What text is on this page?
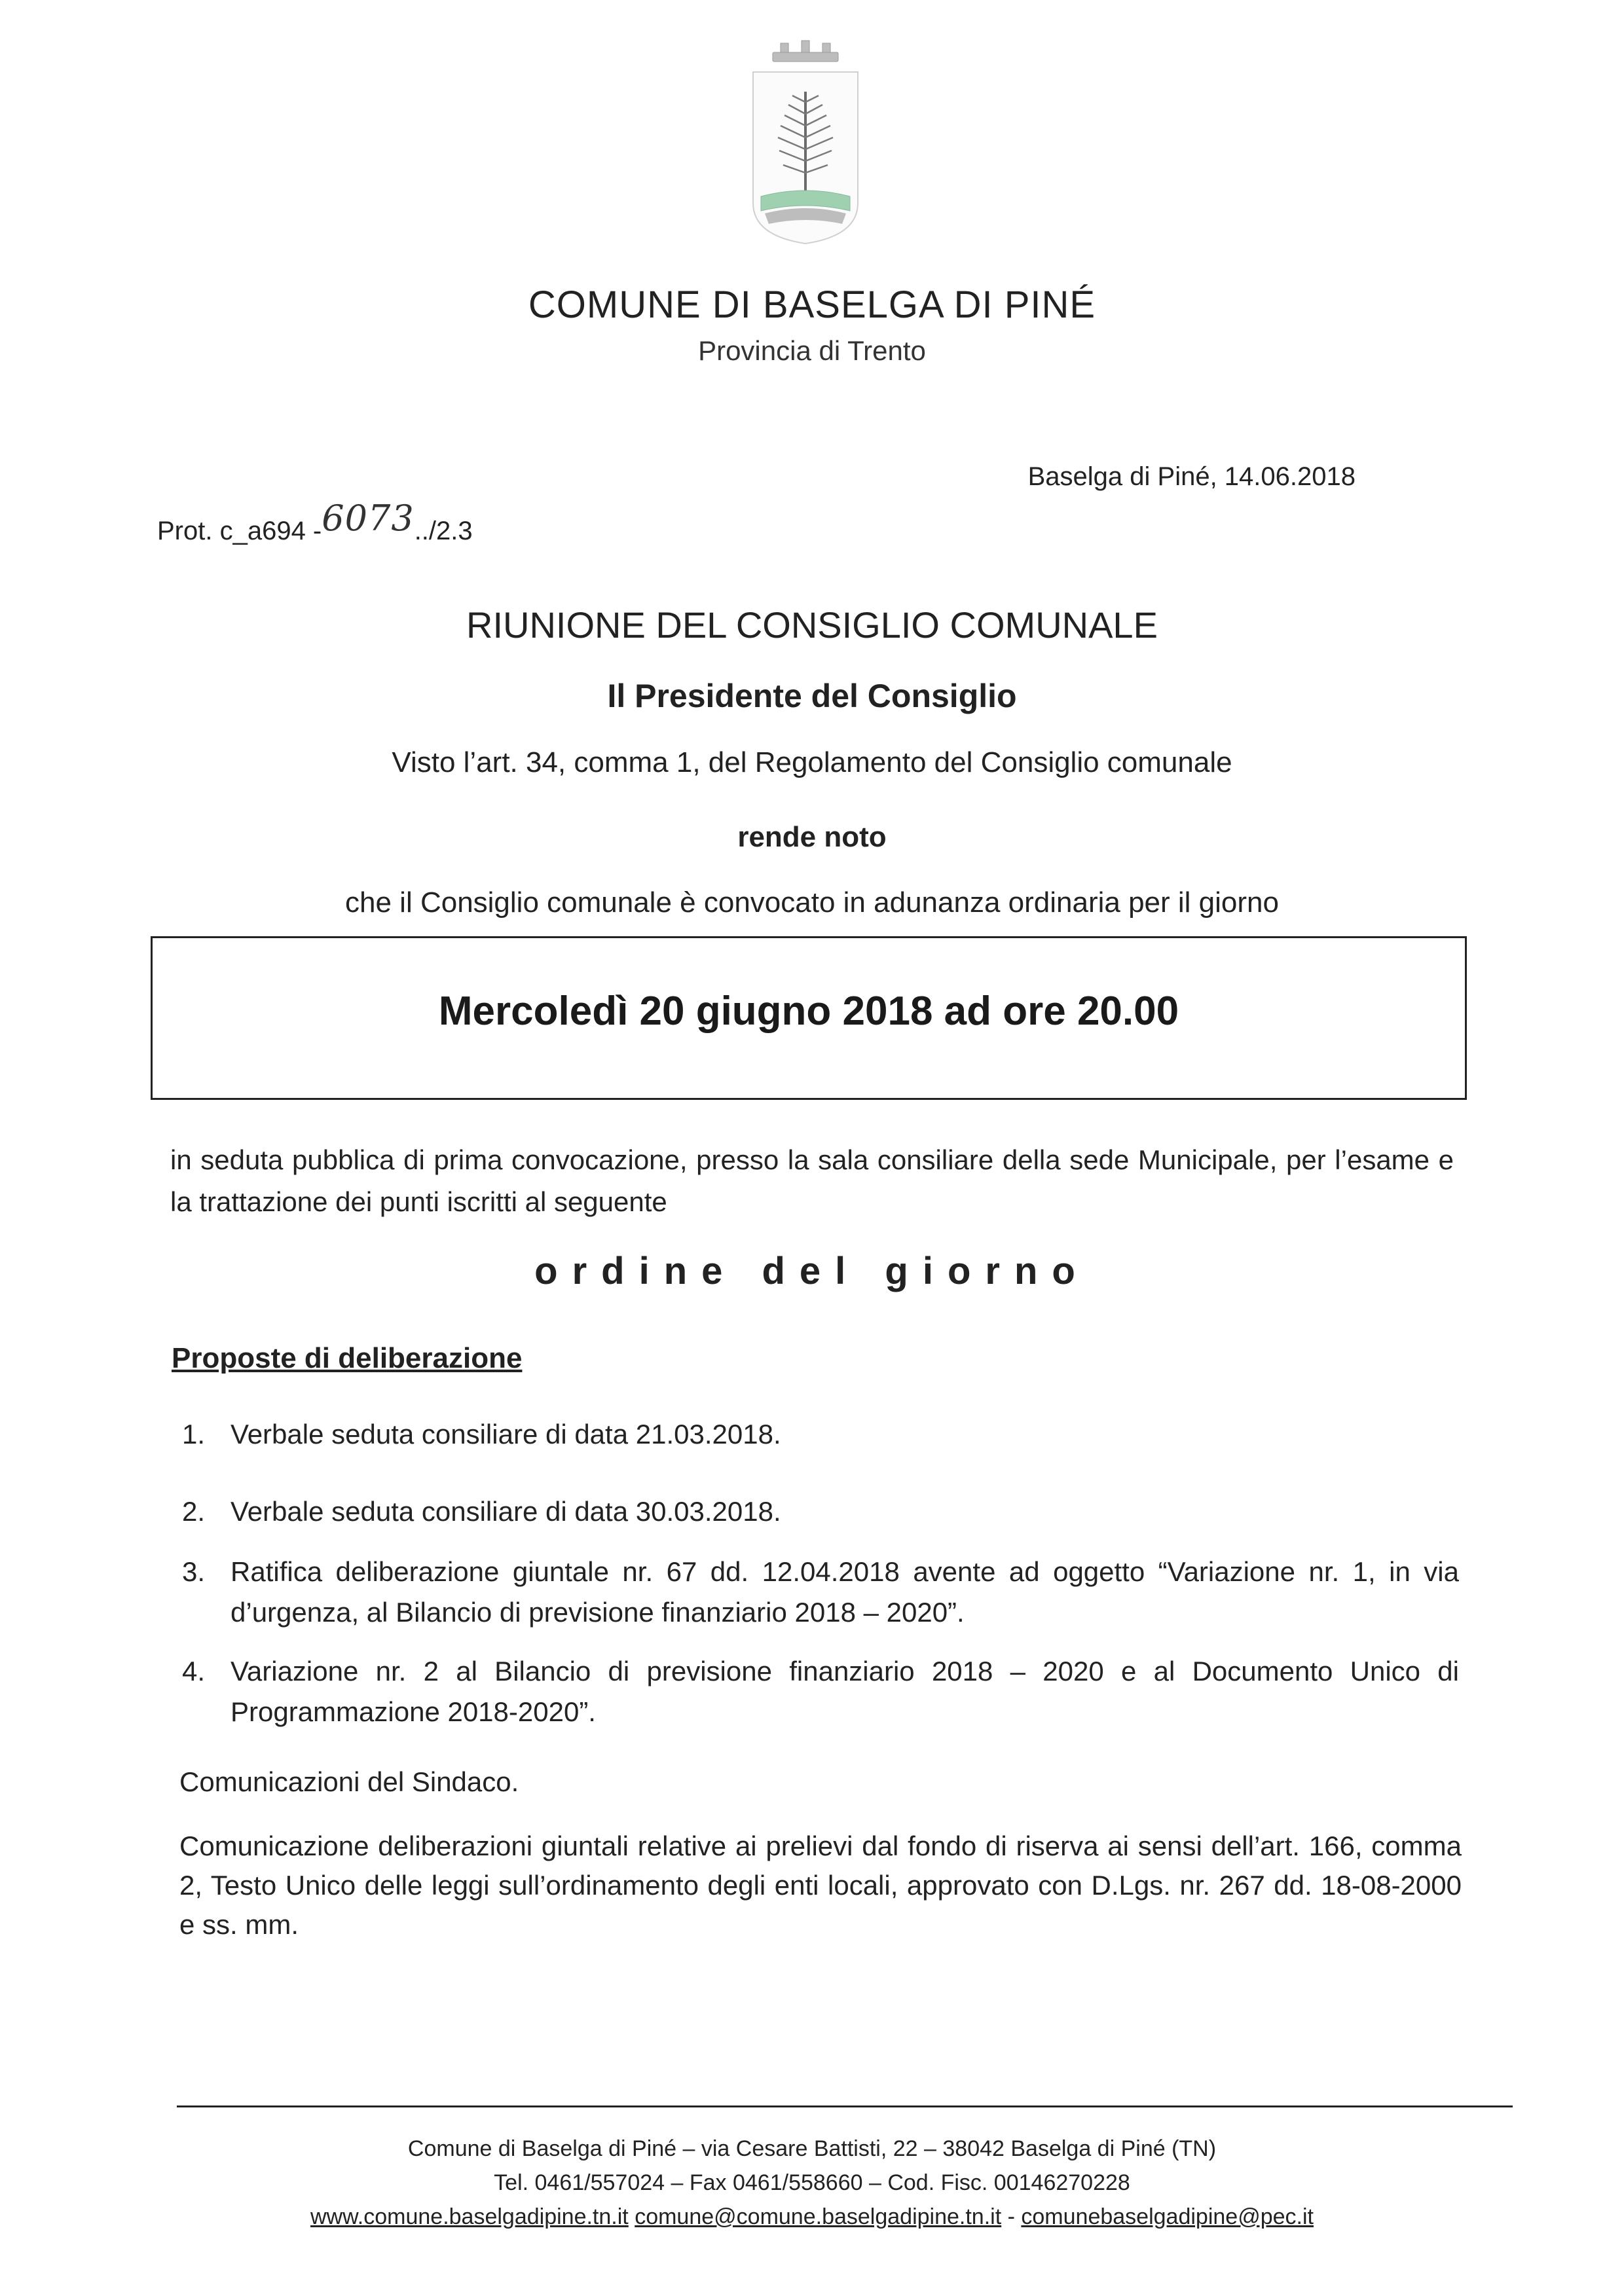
COMUNE DI BASELGA DI PINÉ
Provincia di Trento
Prot. c_a694 -6073../2.3
Baselga di Piné, 14.06.2018
RIUNIONE DEL CONSIGLIO COMUNALE
Il Presidente del Consiglio
Visto l’art. 34, comma 1, del Regolamento del Consiglio comunale
rende noto
che il Consiglio comunale è convocato in adunanza ordinaria per il giorno
Mercoledì 20 giugno 2018 ad ore 20.00
in seduta pubblica di prima convocazione, presso la sala consiliare della sede Municipale, per l’esame e la trattazione dei punti iscritti al seguente
ordine del giorno
Proposte di deliberazione
1. Verbale seduta consiliare di data 21.03.2018.
2. Verbale seduta consiliare di data 30.03.2018.
3. Ratifica deliberazione giuntale nr. 67 dd. 12.04.2018 avente ad oggetto “Variazione nr. 1, in via d’urgenza, al Bilancio di previsione finanziario 2018 – 2020”.
4. Variazione nr. 2 al Bilancio di previsione finanziario 2018 – 2020 e al Documento Unico di Programmazione 2018-2020”.
Comunicazioni del Sindaco.
Comunicazione deliberazioni giuntali relative ai prelievi dal fondo di riserva ai sensi dell’art. 166, comma 2, Testo Unico delle leggi sull’ordinamento degli enti locali, approvato con D.Lgs. nr. 267 dd. 18-08-2000 e ss. mm.
Comune di Baselga di Piné – via Cesare Battisti, 22 – 38042 Baselga di Piné (TN)
Tel. 0461/557024 – Fax 0461/558660 – Cod. Fisc. 00146270228
www.comune.baselgadipine.tn.it comune@comune.baselgadipine.tn.it - comunebaselgadipine@pec.it
